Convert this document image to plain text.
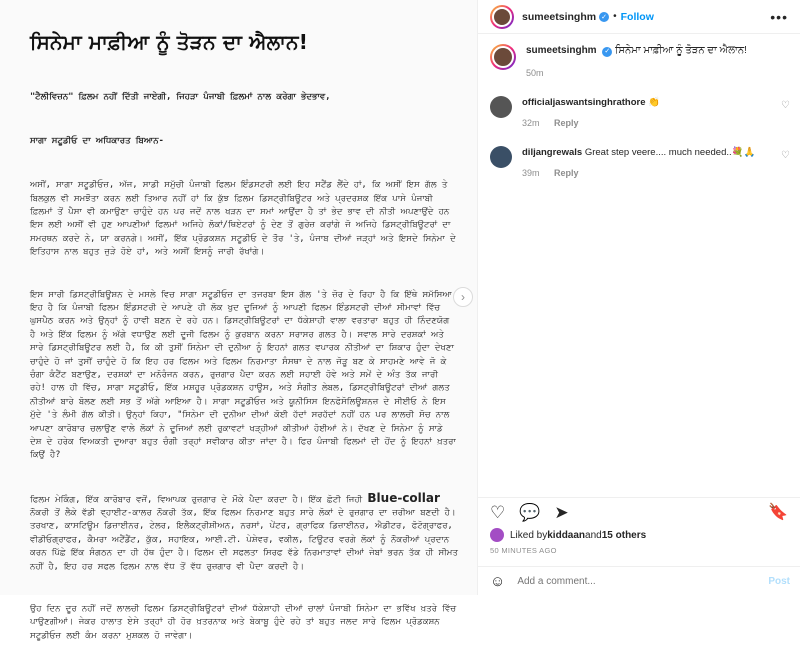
ਸਿਨੇਮਾ ਮਾਫ਼ੀਆ ਨੂੰ ਤੋੜਨ ਦਾ ਐਲਾਨ!

"ਟੈਲੀਵਿਜ਼ਨ" ਫ਼ਿਲਮ ਨਹੀਂ ਦਿੱਤੀ ਜਾਏਗੀ, ਜਿਹੜਾ ਪੰਜਾਬੀ ਫ਼ਿਲਮਾਂ ਨਾਲ ਕਰੇਗਾ ਭੇਦਭਾਵ,

ਸਾਗਾ ਸਟੂਡੀਓ ਦਾ ਅਧਿਕਾਰਤ ਬਿਆਨ-

ਅਸੀਂ, ਸਾਗਾ ਸਟੂਡੀਓਜ਼, ਅੱਜ, ਸਾਡੀ ਸਮੁੱਚੀ ਪੰਜਾਬੀ ਫਿਲਮ ਇੰਡਸਟਰੀ ਲਈ ਇਹ ਸਟੈਂਡ ਲੈਂਦੇ ਹਾਂ, ਕਿ ਅਸੀਂ ਇਸ ਗੱਲ ਤੇ ਬਿਲਕੁਲ ਵੀ ਸਮਝੌਤਾ ਕਰਨ ਲਈ ਤਿਆਰ ਨਹੀਂ ਹਾਂ ਕਿ ਕੁੱਝ ਫ਼ਿਲਮ ਡਿਸਟ੍ਰੀਬਿਊਟਰ ਅਤੇ ਪ੍ਰਦਰਸ਼ਕ ਇੱਕ ਪਾਸੇ ਪੰਜਾਬੀ ਫ਼ਿਲਮਾਂ ਤੋਂ ਪੈਸਾ ਵੀ ਕਮਾਉਣਾ ਚਾਹੁੰਦੇ ਹਨ ਪਰ ਜਦੋਂ ਨਾਲ ਖੜਨ ਦਾ ਸਮਾਂ ਆਉਂਦਾ ਹੈ ਤਾਂ ਭੇਦ ਭਾਵ ਦੀ ਨੀਤੀ ਅਪਣਾਉਂਦੇ ਹਨ ਇਸ ਲਈ ਅਸੀਂ ਵੀ ਹੁਣ ਆਪਣੀਆਂ ਫਿਲਮਾਂ ਅਜਿਹੇ ਲੋਕਾਂ/ਥਿਏਟਰਾਂ ਨੂੰ ਦੇਣ ਤੋਂ ਗੁਰੇਜ਼ ਕਰਾਂਗੇ ਜੋ ਅਜਿਹੇ ਡਿਸਟ੍ਰੀਬਿਊਟਰਾਂ ਦਾ ਸਮਰਥਨ ਕਰਦੇ ਨੇ, ਯਾ ਕਰਨਗੇ। ਅਸੀਂ, ਇੱਕ ਪ੍ਰੋਡਕਸ਼ਨ ਸਟੂਡੀਓ ਦੇ ਤੌਰ 'ਤੇ, ਪੰਜਾਬ ਦੀਆਂ ਜੜ੍ਹਾਂ ਅਤੇ ਇਸਦੇ ਸਿਨੇਮਾ ਦੇ ਇਤਿਹਾਸ ਨਾਲ ਬਹੁਤ ਜੁੜੇ ਹੋਏ ਹਾਂ, ਅਤੇ ਅਸੀਂ ਇਸਨੂੰ ਜਾਰੀ ਰੱਖਾਂਗੇ।

ਇਸ ਸਾਰੀ ਡਿਸਟ੍ਰੀਬਿਊਸ਼ਨ ਦੇ ਮਸਲੇ ਵਿਚ ਸਾਗਾ ਸਟੂਡੀਓਜ਼ ਦਾ ਤਜਰਬਾ ਇਸ ਗੱਲ 'ਤੇ ਜ਼ੋਰ ਦੇ ਰਿਹਾ ਹੈ ਕਿ ਇੱਥੇ ਸਮੱਸਿਆ ਇਹ ਹੈ ਕਿ ਪੰਜਾਬੀ ਫਿਲਮ ਇੰਡਸਟਰੀ ਦੇ ਆਪਣੇ ਹੀ ਲੋਕ ਖੁਦ ਦੂਜਿਆਂ ਨੂੰ ਆਪਣੀ ਫਿਲਮ ਇੰਡਸਟਰੀ ਦੀਆਂ ਸੀਮਾਵਾਂ ਵਿੱਚ ਘੁਸਪੈਠ ਕਰਨ ਅਤੇ ਉਨ੍ਹਾਂ ਨੂੰ ਹਾਵੀ ਬਣਨ ਦੇ ਰਹੇ ਹਨ। ਡਿਸਟ੍ਰੀਬਿਊਟਰਾਂ ਦਾ ਧੱਕੇਸ਼ਾਹੀ ਵਾਲਾ ਵਰਤਾਰਾ ਬਹੁਤ ਹੀ ਨਿੰਦਣਯੋਗ ਹੈ ਅਤੇ ਇੱਕ ਫਿਲਮ ਨੂੰ ਅੱਗੇ ਵਧਾਉਣ ਲਈ ਦੂਜੀ ਫਿਲਮ ਨੂੰ ਕੁਰਬਾਨ ਕਰਨਾ ਸਰਾਸਰ ਗਲਤ ਹੈ। ਸਵਾਲ ਸਾਰੇ ਦਰਸ਼ਕਾਂ ਅਤੇ ਸਾਰੇ ਡਿਸਟ੍ਰੀਬਿਊਟਰ ਲਈ ਹੈ, ਕਿ ਕੀ ਤੁਸੀਂ ਸਿਨੇਮਾ ਦੀ ਦੁਨੀਆ ਨੂੰ ਇਹਨਾਂ ਗਲਤ ਵਪਾਰਕ ਨੀਤੀਆਂ ਦਾ ਸ਼ਿਕਾਰ ਹੁੰਦਾ ਦੇਖਣਾ ਚਾਹੁੰਦੇ ਹੋ ਜਾਂ ਤੁਸੀਂ ਚਾਹੁੰਦੇ ਹੋ ਕਿ ਇਹ ਹਰ ਫਿਲਮ ਅਤੇ ਫਿਲਮ ਨਿਰਮਾਤਾ ਸੰਸਥਾ ਦੇ ਨਾਲ ਜੋੜੂ ਬਣ ਕੇ ਸਾਹਮਣੇ ਆਵੇ ਜੋ ਕੇ ਚੰਗਾ ਕੰਟੈਂਟ ਬਣਾਉਣ, ਦਰਸ਼ਕਾਂ ਦਾ ਮਨੋਰੰਜਨ ਕਰਨ, ਰੁਜ਼ਗਾਰ ਪੈਦਾ ਕਰਨ ਲਈ ਸਹਾਈ ਹੋਵੇ ਅਤੇ ਸਮੇਂ ਦੇ ਅੰਤ ਤੱਕ ਜਾਰੀ ਰਹੇ! ਹਾਲ ਹੀ ਵਿੱਚ, ਸਾਗਾ ਸਟੂਡੀਓ, ਇੱਕ ਮਸ਼ਹੂਰ ਪ੍ਰੋਡਕਸ਼ਨ ਹਾਊਸ, ਅਤੇ ਸੰਗੀਤ ਲੇਬਲ, ਡਿਸਟ੍ਰੀਬਿਊਟਰਾਂ ਦੀਆਂ ਗਲਤ ਨੀਤੀਆਂ ਬਾਰੇ ਬੋਲਣ ਲਈ ਸਭ ਤੋਂ ਅੱਗੇ ਆਇਆ ਹੈ। ਸਾਗਾ ਸਟੂਡੀਓਜ਼ ਅਤੇ ਯੂਨੀਸਿਸ ਇਨਫੋਸੋਲਿਊਸ਼ਨਜ਼ ਦੇ ਸੀਈਓ ਨੇ ਇਸ ਮੁੱਦੇ 'ਤੇ ਲੰਮੀ ਗੱਲ ਕੀਤੀ। ਉਨ੍ਹਾਂ ਕਿਹਾ, "ਸਿਨੇਮਾ ਦੀ ਦੁਨੀਆ ਦੀਆਂ ਕੋਈ ਹੱਦਾਂ ਸਰਹੱਦਾਂ ਨਹੀਂ ਹਨ ਪਰ ਲਾਲਚੀ ਸੋਚ ਨਾਲ ਆਪਣਾ ਕਾਰੋਬਾਰ ਚਲਾਉਣ ਵਾਲੇ ਲੋਕਾਂ ਨੇ ਦੂਜਿਆਂ ਲਈ ਰੁਕਾਵਟਾਂ ਖੜ੍ਹੀਆਂ ਕੀਤੀਆਂ ਹੋਈਆਂ ਨੇ। ਦੱਖਣ ਦੇ ਸਿਨੇਮਾ ਨੂੰ ਸਾਡੇ ਦੇਸ਼ ਦੇ ਹਰੇਕ ਵਿਅਕਤੀ ਦੁਆਰਾ ਬਹੁਤ ਚੰਗੀ ਤਰ੍ਹਾਂ ਸਵੀਕਾਰ ਕੀਤਾ ਜਾਂਦਾ ਹੈ। ਫਿਰ ਪੰਜਾਬੀ ਫਿਲਮਾਂ ਦੀ ਹੋਂਦ ਨੂੰ ਇਹਨਾਂ ਖ਼ਤਰਾ ਕਿਉਂ ਹੈ?

ਫਿਲਮ ਮੇਕਿੰਗ, ਇੱਕ ਕਾਰੋਬਾਰ ਵਜੋਂ, ਵਿਆਪਕ ਰੁਜ਼ਗਾਰ ਦੇ ਮੌਕੇ ਪੈਦਾ ਕਰਦਾ ਹੈ। ਇੱਕ ਛੋਟੀ ਜਿਹੀ Blue-collar ਨੌਕਰੀ ਤੋਂ ਲੈਕੇ ਵੱਡੀ ਵ੍ਹਾਈਟ-ਕਾਲਰ ਨੌਕਰੀ ਤੱਕ, ਇੱਕ ਫਿਲਮ ਨਿਰਮਾਣ ਬਹੁਤ ਸਾਰੇ ਲੋਕਾਂ ਦੇ ਰੁਜ਼ਗਾਰ ਦਾ ਜ਼ਰੀਆ ਬਣਦੀ ਹੈ। ਤਰਖਾਣ, ਕਾਸਟਿਊਮ ਡਿਜ਼ਾਈਨਰ, ਟੇਲਰ, ਇਲੈਕਟ੍ਰੀਸ਼ੀਅਨ, ਨਰਸਾਂ, ਪੇਂਟਰ, ਗ੍ਰਾਫਿਕ ਡਿਜ਼ਾਈਨਰ, ਐਡੀਟਰ, ਫੋਟੋਗ੍ਰਾਫਰ, ਵੀਡੀਓਗ੍ਰਾਫਰ, ਕੈਮਰਾ ਅਟੈਂਡੈਂਟ, ਕੁੱਕ, ਸਹਾਇਕ, ਆਈ.ਟੀ. ਪੇਸ਼ੇਵਰ, ਵਕੀਲ, ਟਿਊਟਰ ਵਰਗੇ ਲੋਕਾਂ ਨੂੰ ਨੌਕਰੀਆਂ ਪ੍ਰਦਾਨ ਕਰਨ ਪਿੱਛੇ ਇੱਕ ਸੰਗਠਨ ਦਾ ਹੀ ਹੱਥ ਹੁੰਦਾ ਹੈ। ਫਿਲਮ ਦੀ ਸਫਲਤਾ ਸਿਰਫ ਵੱਡੇ ਨਿਰਮਾਤਾਵਾਂ ਦੀਆਂ ਜੇਬਾਂ ਭਰਨ ਤੱਕ ਹੀ ਸੀਮਤ ਨਹੀਂ ਹੈ, ਇਹ ਹਰ ਸਫਲ ਫਿਲਮ ਨਾਲ ਵੱਧ ਤੋਂ ਵੱਧ ਰੁਜ਼ਗਾਰ ਵੀ ਪੈਦਾ ਕਰਦੀ ਹੈ।

ਉਹ ਦਿਨ ਦੂਰ ਨਹੀਂ ਜਦੋਂ ਲਾਲਚੀ ਫਿਲਮ ਡਿਸਟ੍ਰੀਬਿਊਟਰਾਂ ਦੀਆਂ ਧੱਕੇਸ਼ਾਹੀ ਦੀਆਂ ਚਾਲਾਂ ਪੰਜਾਬੀ ਸਿਨੇਮਾ ਦਾ ਭਵਿੱਖ ਖ਼ਤਰੇ ਵਿੱਚ ਪਾਉਣਗੀਆਂ। ਜੇਕਰ ਹਾਲਾਤ ਏਸੇ ਤਰ੍ਹਾਂ ਹੀ ਹੋਰ ਖ਼ਤਰਨਾਕ ਅਤੇ ਬੇਕਾਬੂ ਹੁੰਦੇ ਰਹੇ ਤਾਂ ਬਹੁਤ ਜਲਦ ਸਾਰੇ ਫਿਲਮ ਪ੍ਰੋਡਕਸ਼ਨ ਸਟੂਡੀਓਜ਼ ਲਈ ਕੰਮ ਕਰਨਾ ਮੁਸ਼ਕਲ ਹੋ ਜਾਵੇਗਾ।

›
sumeetsinghm ✓ • Follow	•••
sumeetsinghm ✓ ਸਿਨੇਮਾ ਮਾਫ਼ੀਆ ਨੂੰ ਤੋੜਨ ਦਾ ਐਲਾਨ!
50m
officialjaswantsinghrathore 👏
32m Reply
♡
diljangrewals Great step veere.... much needed..💐🙏
39m Reply
♡
♡ 💬 ➤	🔖
Liked by kiddaan and 15 others
50 MINUTES AGO
☺
Add a comment...	Post
